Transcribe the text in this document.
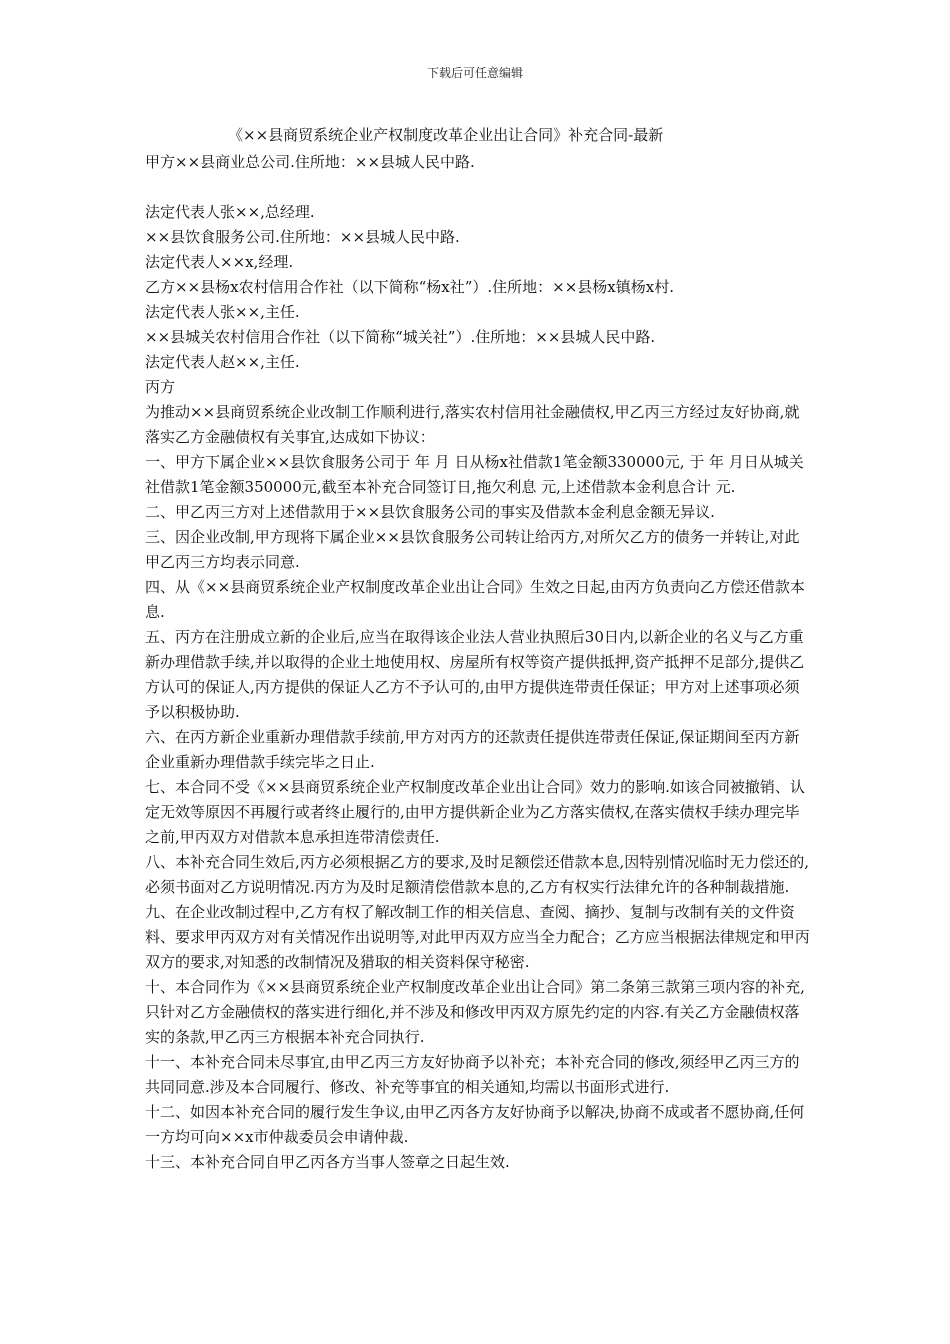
下载后可任意编辑
《××县商贸系统企业产权制度改革企业出让合同》补充合同-最新

甲方××县商业总公司.住所地：××县城人民中路.

法定代表人张××,总经理.

××县饮食服务公司.住所地：××县城人民中路.

法定代表人××x,经理.

乙方××县杨x农村信用合作社（以下简称“杨x社”）.住所地：××县杨x镇杨x村.

法定代表人张××,主任.

××县城关农村信用合作社（以下简称“城关社”）.住所地：××县城人民中路.

法定代表人赵××,主任.

丙方

为推动××县商贸系统企业改制工作顺利进行,落实农村信用社金融债权,甲乙丙三方经过友好协商,就落实乙方金融债权有关事宜,达成如下协议：

一、甲方下属企业××县饮食服务公司于 年 月 日从杨x社借款1笔金额330000元, 于 年 月日从城关社借款1笔金额350000元,截至本补充合同签订日,拖欠利息 元,上述借款本金利息合计 元.

二、甲乙丙三方对上述借款用于××县饮食服务公司的事实及借款本金利息金额无异议.

三、因企业改制,甲方现将下属企业××县饮食服务公司转让给丙方,对所欠乙方的债务一并转让,对此甲乙丙三方均表示同意.

四、从《××县商贸系统企业产权制度改革企业出让合同》生效之日起,由丙方负责向乙方偿还借款本息.

五、丙方在注册成立新的企业后,应当在取得该企业法人营业执照后30日内,以新企业的名义与乙方重新办理借款手续,并以取得的企业土地使用权、房屋所有权等资产提供抵押,资产抵押不足部分,提供乙方认可的保证人,丙方提供的保证人乙方不予认可的,由甲方提供连带责任保证；甲方对上述事项必须予以积极协助.

六、在丙方新企业重新办理借款手续前,甲方对丙方的还款责任提供连带责任保证,保证期间至丙方新企业重新办理借款手续完毕之日止.

七、本合同不受《××县商贸系统企业产权制度改革企业出让合同》效力的影响.如该合同被撤销、认定无效等原因不再履行或者终止履行的,由甲方提供新企业为乙方落实债权,在落实债权手续办理完毕之前,甲丙双方对借款本息承担连带清偿责任.

八、本补充合同生效后,丙方必须根据乙方的要求,及时足额偿还借款本息,因特别情况临时无力偿还的,必须书面对乙方说明情况.丙方为及时足额清偿借款本息的,乙方有权实行法律允许的各种制裁措施.

九、在企业改制过程中,乙方有权了解改制工作的相关信息、查阅、摘抄、复制与改制有关的文件资料、要求甲丙双方对有关情况作出说明等,对此甲丙双方应当全力配合；乙方应当根据法律规定和甲丙双方的要求,对知悉的改制情况及猎取的相关资料保守秘密.

十、本合同作为《××县商贸系统企业产权制度改革企业出让合同》第二条第三款第三项内容的补充,只针对乙方金融债权的落实进行细化,并不涉及和修改甲丙双方原先约定的内容.有关乙方金融债权落实的条款,甲乙丙三方根据本补充合同执行.

十一、本补充合同未尽事宜,由甲乙丙三方友好协商予以补充；本补充合同的修改,须经甲乙丙三方的共同同意.涉及本合同履行、修改、补充等事宜的相关通知,均需以书面形式进行.

十二、如因本补充合同的履行发生争议,由甲乙丙各方友好协商予以解决,协商不成或者不愿协商,任何一方均可向××x市仲裁委员会申请仲裁.

十三、本补充合同自甲乙丙各方当事人签章之日起生效.
